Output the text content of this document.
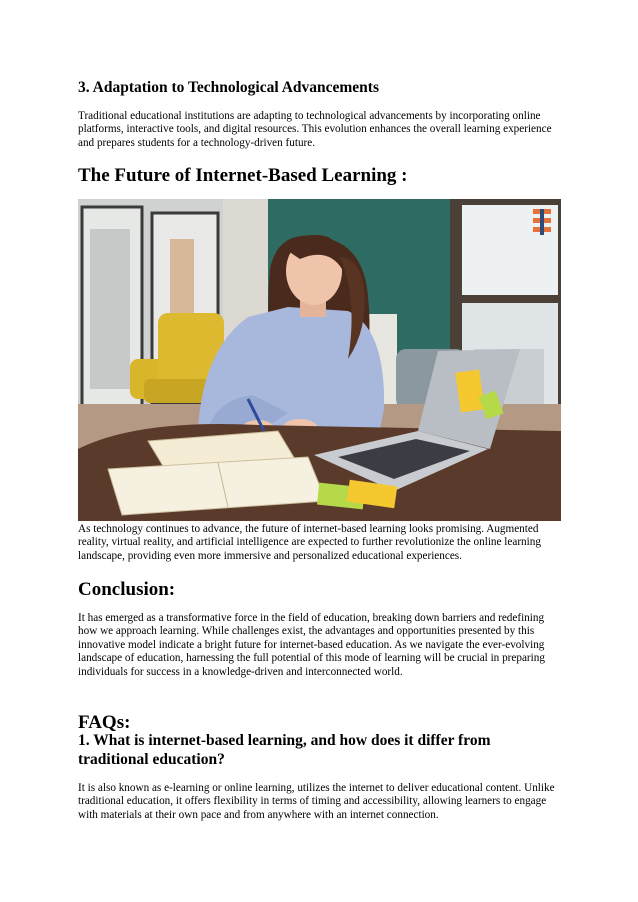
3. Adaptation to Technological Advancements

Traditional educational institutions are adapting to technological advancements by incorporating online platforms, interactive tools, and digital resources. This evolution enhances the overall learning experience and prepares students for a technology-driven future.

The Future of Internet-Based Learning :

As technology continues to advance, the future of internet-based learning looks promising. Augmented reality, virtual reality, and artificial intelligence are expected to further revolutionize the online learning landscape, providing even more immersive and personalized educational experiences.

Conclusion:

It has emerged as a transformative force in the field of education, breaking down barriers and redefining how we approach learning. While challenges exist, the advantages and opportunities presented by this innovative model indicate a bright future for internet-based education. As we navigate the ever-evolving landscape of education, harnessing the full potential of this mode of learning will be crucial in preparing individuals for success in a knowledge-driven and interconnected world.

FAQs:
1. What is internet-based learning, and how does it differ from traditional education?

It is also known as e-learning or online learning, utilizes the internet to deliver educational content. Unlike traditional education, it offers flexibility in terms of timing and accessibility, allowing learners to engage with materials at their own pace and from anywhere with an internet connection.
